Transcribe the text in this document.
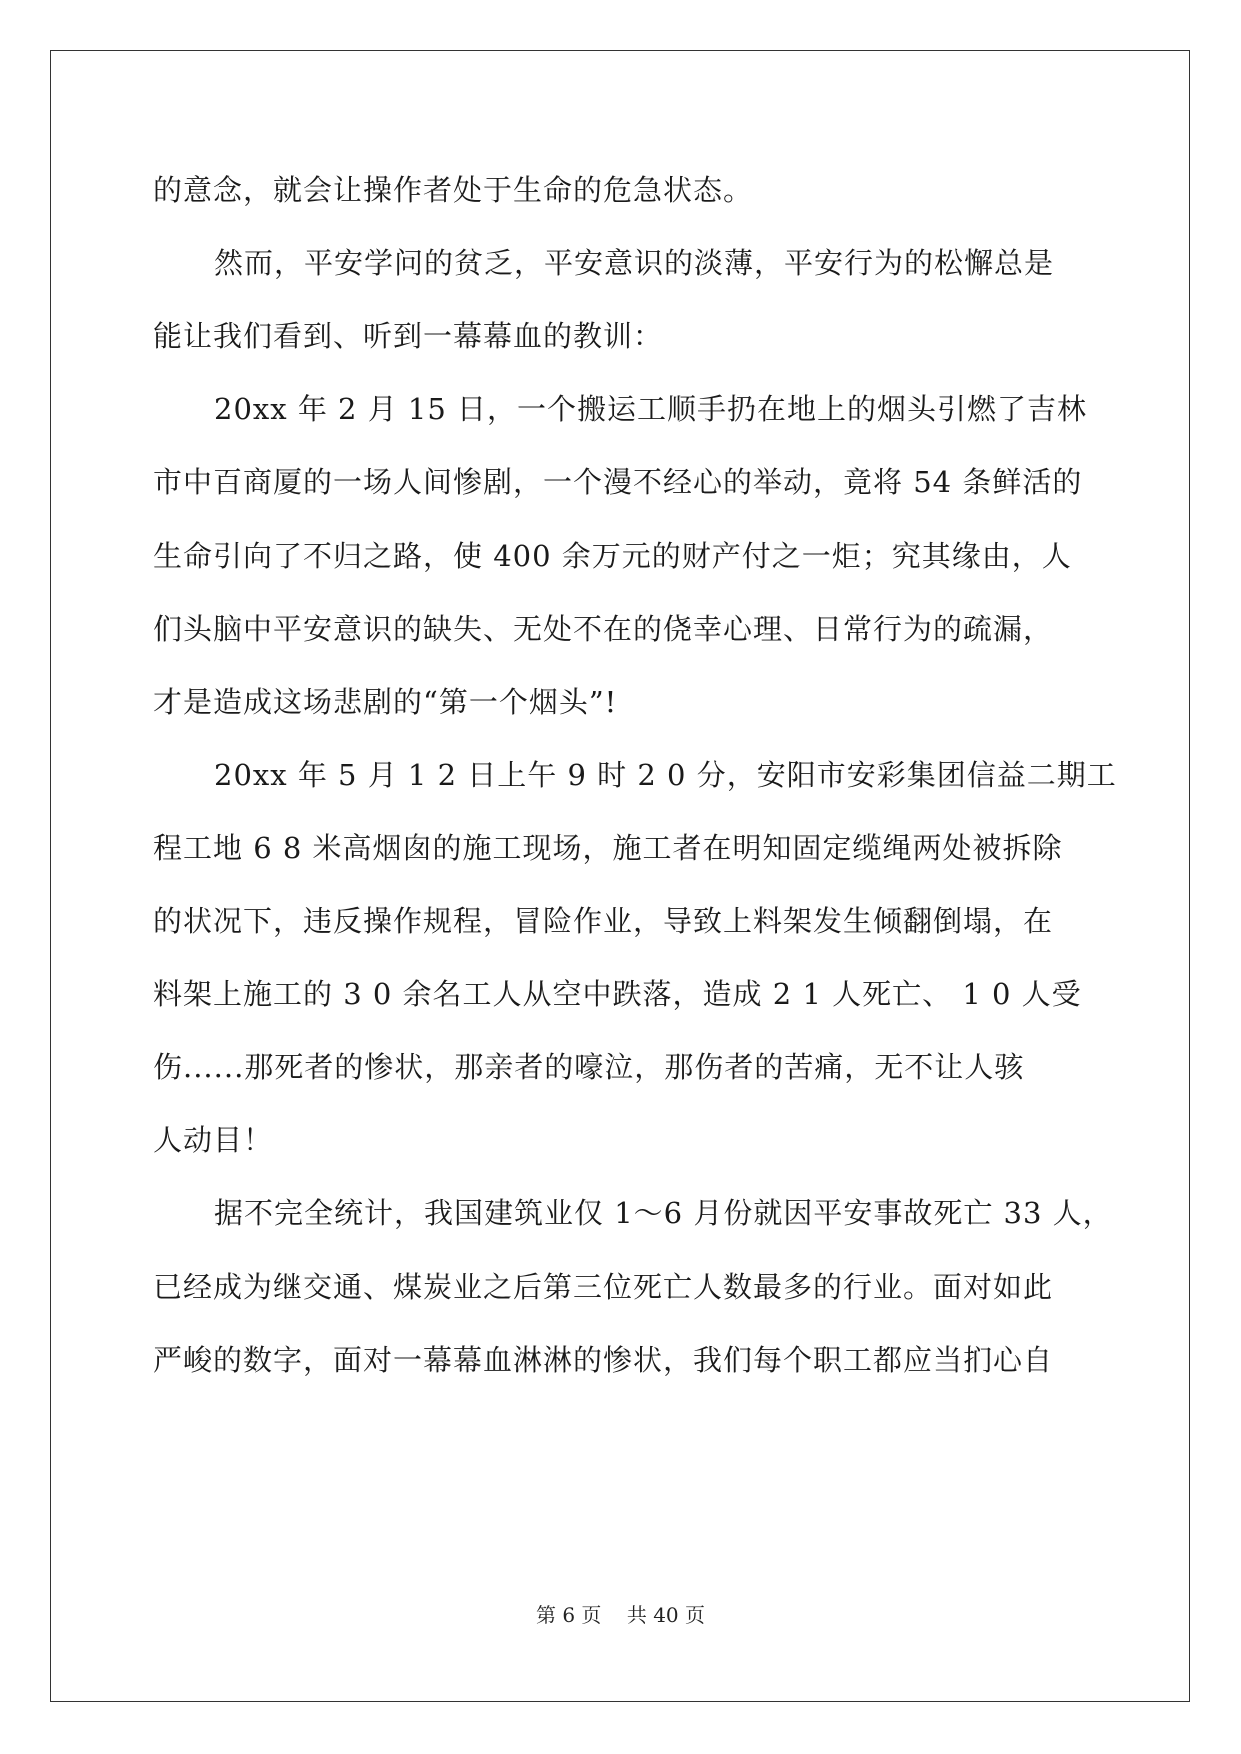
的意念，就会让操作者处于生命的危急状态。
然而，平安学问的贫乏，平安意识的淡薄，平安行为的松懈总是
能让我们看到、听到一幕幕血的教训：
20xx 年 2 月 15 日，一个搬运工顺手扔在地上的烟头引燃了吉林
市中百商厦的一场人间惨剧，一个漫不经心的举动，竟将 54 条鲜活的
生命引向了不归之路，使 400 余万元的财产付之一炬；究其缘由，人
们头脑中平安意识的缺失、无处不在的侥幸心理、日常行为的疏漏，
才是造成这场悲剧的“第一个烟头”!
20xx 年 5 月 1 2 日上午 9 时 2 0 分，安阳市安彩集团信益二期工
程工地 6 8 米高烟囱的施工现场，施工者在明知固定缆绳两处被拆除
的状况下，违反操作规程，冒险作业，导致上料架发生倾翻倒塌，在
料架上施工的 3 0 余名工人从空中跌落，造成 2 1 人死亡、 1 0 人受
伤......那死者的惨状，那亲者的嚎泣，那伤者的苦痛，无不让人骇
人动目！
据不完全统计，我国建筑业仅 1～6 月份就因平安事故死亡 33 人，
已经成为继交通、煤炭业之后第三位死亡人数最多的行业。面对如此
严峻的数字，面对一幕幕血淋淋的惨状，我们每个职工都应当扪心自
第 6 页    共 40 页
